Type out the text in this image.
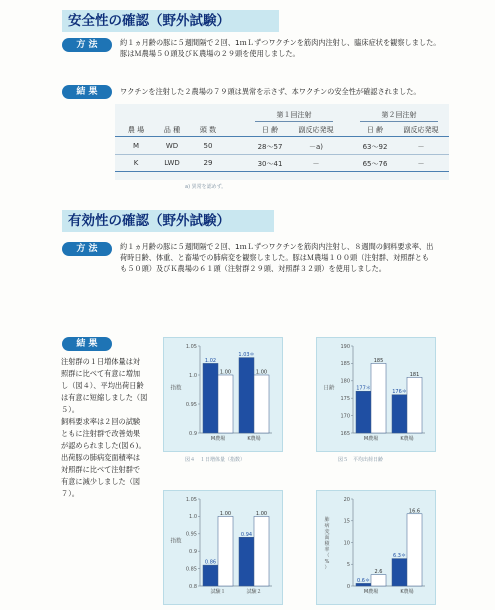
安全性の確認（野外試験）
方 法	約１ヵ月齢の豚に５週間隔で２回、1ｍＬずつワクチンを筋肉内注射し、臨床症状を観察しました。
豚はＭ農場５０頭及びＫ農場の２９頭を使用しました。
結 果	ワクチンを注射した２農場の７９頭は異常を示さず、本ワクチンの安全性が確認されました。
第１回注射	第２回注射
農 場	品 種	頭 数	日 齢	副反応発現	日 齢	副反応発現
M	WD	50	28〜57	－a)	63〜92	－
K	LWD	29	30〜41	－	65〜76	－
a) 異常を認めず。
有効性の確認（野外試験）
方 法	約１ヵ月齢の豚に５週間隔で２回、1ｍＬずつワクチンを筋肉内注射し、８週間の飼料要求率、出
荷時日齢、体重、と畜場での肺病変を観察しました。豚はＭ農場１００頭（注射群、対照群とも
も５０頭）及びＫ農場の６１頭（注射群２９頭、対照群３２頭）を使用しました。
結 果
注射群の１日増体量は対
照群に比べて有意に増加
し（図４）、平均出荷日齢
は有意に短縮しました（図
５）。
飼料要求率は２回の試験
ともに注射群で改善効果
が認められました(図６)。
出荷豚の肺病変面積率は
対照群に比べて注射群で
有意に減少しました（図
７）。
0.9
0.95
1.0
1.05
指数
1.02
1.00
M農場
1.03＊
1.00
K農場
図４　１日増体量（指数）
165
170
175
180
185
190
日齢	177＊
185
M農場
176＊
181
K農場
図５　平均出荷日齢
0.8
0.85
0.9
0.95
1.0
1.05
指数
0.86
1.00
試験１
0.94
1.00
試験２
0
5
10
15
20
肺
病
変
面
積
率
（
%
）
0.6＊
2.6
M農場
6.3＊
16.6
K農場
